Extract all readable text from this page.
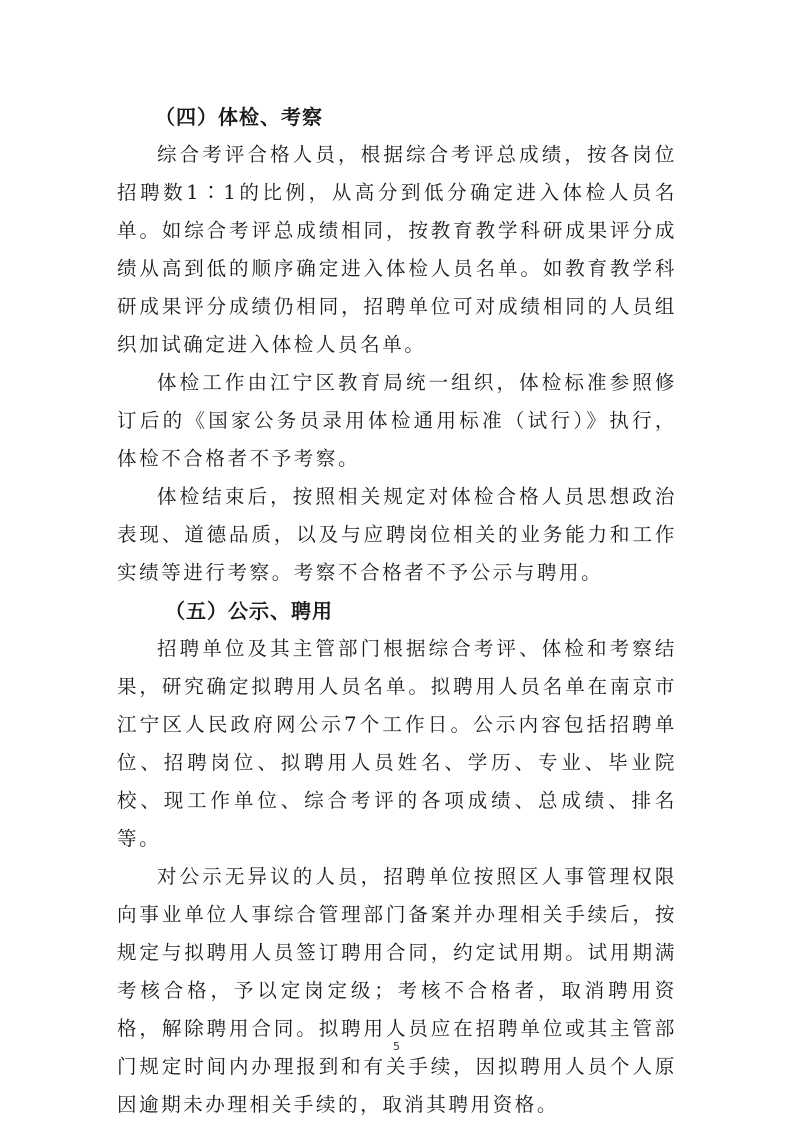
（四）体检、考察

综合考评合格人员，根据综合考评总成绩，按各岗位招聘数1∶1的比例，从高分到低分确定进入体检人员名单。如综合考评总成绩相同，按教育教学科研成果评分成绩从高到低的顺序确定进入体检人员名单。如教育教学科研成果评分成绩仍相同，招聘单位可对成绩相同的人员组织加试确定进入体检人员名单。

体检工作由江宁区教育局统一组织，体检标准参照修订后的《国家公务员录用体检通用标准（试行）》执行，体检不合格者不予考察。

体检结束后，按照相关规定对体检合格人员思想政治表现、道德品质，以及与应聘岗位相关的业务能力和工作实绩等进行考察。考察不合格者不予公示与聘用。

（五）公示、聘用

招聘单位及其主管部门根据综合考评、体检和考察结果，研究确定拟聘用人员名单。拟聘用人员名单在南京市江宁区人民政府网公示7个工作日。公示内容包括招聘单位、招聘岗位、拟聘用人员姓名、学历、专业、毕业院校、现工作单位、综合考评的各项成绩、总成绩、排名等。

对公示无异议的人员，招聘单位按照区人事管理权限向事业单位人事综合管理部门备案并办理相关手续后，按规定与拟聘用人员签订聘用合同，约定试用期。试用期满考核合格，予以定岗定级；考核不合格者，取消聘用资格，解除聘用合同。拟聘用人员应在招聘单位或其主管部门规定时间内办理报到和有关手续，因拟聘用人员个人原因逾期未办理相关手续的，取消其聘用资格。

5
